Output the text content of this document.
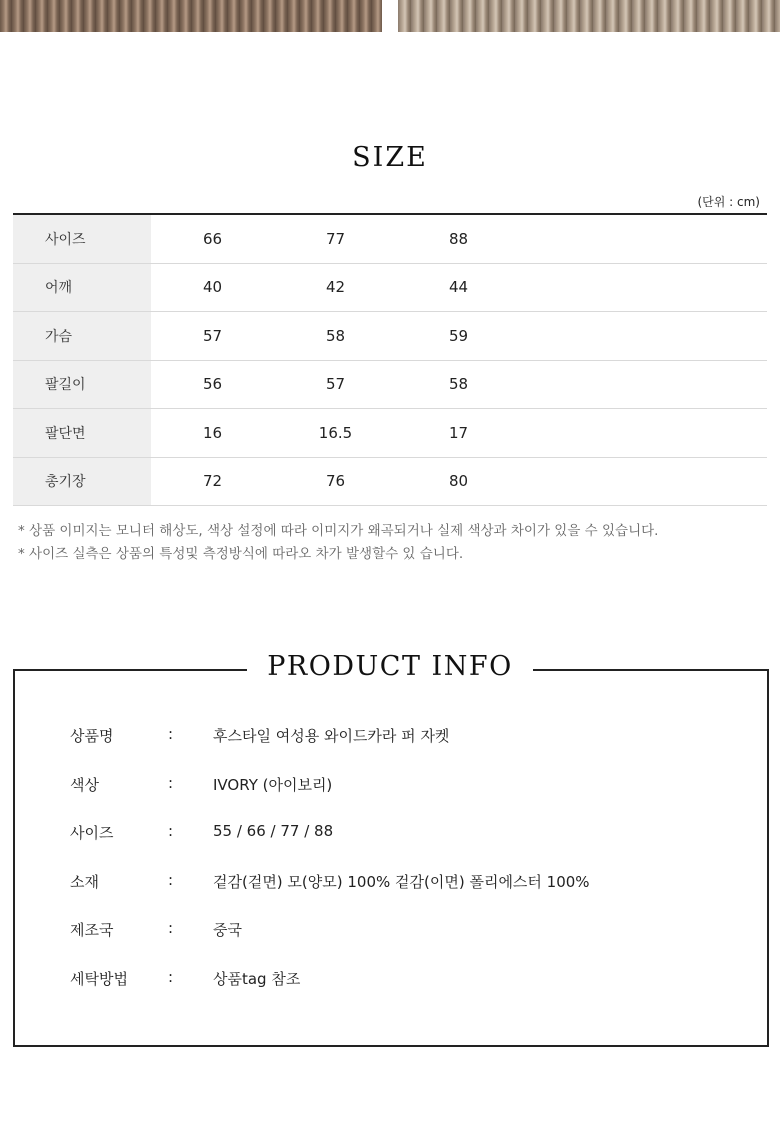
SIZE
(단위 : cm)
사이즈	66	77	88	
어깨	40	42	44	
가슴	57	58	59	
팔길이	56	57	58	
팔단면	16	16.5	17	
총기장	72	76	80	
* 상품 이미지는 모니터 해상도, 색상 설정에 따라 이미지가 왜곡되거나 실제 색상과 차이가 있을 수 있습니다.
* 사이즈 실측은 상품의 특성및 측정방식에 따라오 차가 발생할수 있 습니다.
PRODUCT INFO
상품명	:	후스타일 여성용 와이드카라 퍼 자켓
색상	:	IVORY (아이보리)
사이즈	:	55 / 66 / 77 / 88
소재	:	겉감(겉면) 모(양모) 100% 겉감(이면) 폴리에스터 100%
제조국	:	중국
세탁방법	:	상품tag 참조
